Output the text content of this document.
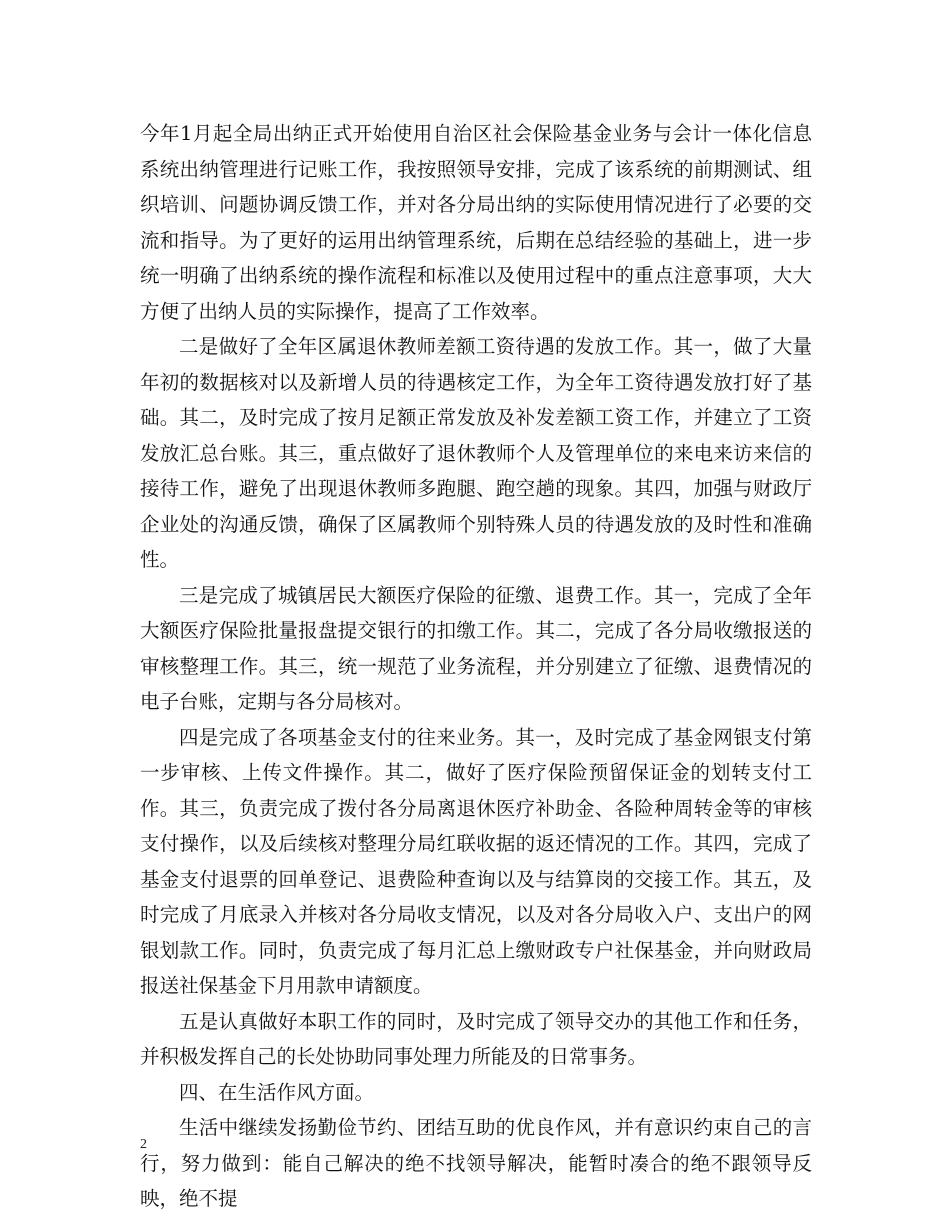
今年1月起全局出纳正式开始使用自治区社会保险基金业务与会计一体化信息系统出纳管理进行记账工作，我按照领导安排，完成了该系统的前期测试、组织培训、问题协调反馈工作，并对各分局出纳的实际使用情况进行了必要的交流和指导。为了更好的运用出纳管理系统，后期在总结经验的基础上，进一步统一明确了出纳系统的操作流程和标准以及使用过程中的重点注意事项，大大方便了出纳人员的实际操作，提高了工作效率。

二是做好了全年区属退休教师差额工资待遇的发放工作。其一，做了大量年初的数据核对以及新增人员的待遇核定工作，为全年工资待遇发放打好了基础。其二，及时完成了按月足额正常发放及补发差额工资工作，并建立了工资发放汇总台账。其三，重点做好了退休教师个人及管理单位的来电来访来信的接待工作，避免了出现退休教师多跑腿、跑空趟的现象。其四，加强与财政厅企业处的沟通反馈，确保了区属教师个别特殊人员的待遇发放的及时性和准确性。

三是完成了城镇居民大额医疗保险的征缴、退费工作。其一，完成了全年大额医疗保险批量报盘提交银行的扣缴工作。其二，完成了各分局收缴报送的审核整理工作。其三，统一规范了业务流程，并分别建立了征缴、退费情况的电子台账，定期与各分局核对。

四是完成了各项基金支付的往来业务。其一，及时完成了基金网银支付第一步审核、上传文件操作。其二，做好了医疗保险预留保证金的划转支付工作。其三，负责完成了拨付各分局离退休医疗补助金、各险种周转金等的审核支付操作，以及后续核对整理分局红联收据的返还情况的工作。其四，完成了基金支付退票的回单登记、退费险种查询以及与结算岗的交接工作。其五，及时完成了月底录入并核对各分局收支情况，以及对各分局收入户、支出户的网银划款工作。同时，负责完成了每月汇总上缴财政专户社保基金，并向财政局报送社保基金下月用款申请额度。

五是认真做好本职工作的同时，及时完成了领导交办的其他工作和任务，并积极发挥自己的长处协助同事处理力所能及的日常事务。

四、在生活作风方面。

生活中继续发扬勤俭节约、团结互助的优良作风，并有意识约束自己的言行，努力做到：能自己解决的绝不找领导解决，能暂时凑合的绝不跟领导反映，绝不提

2
